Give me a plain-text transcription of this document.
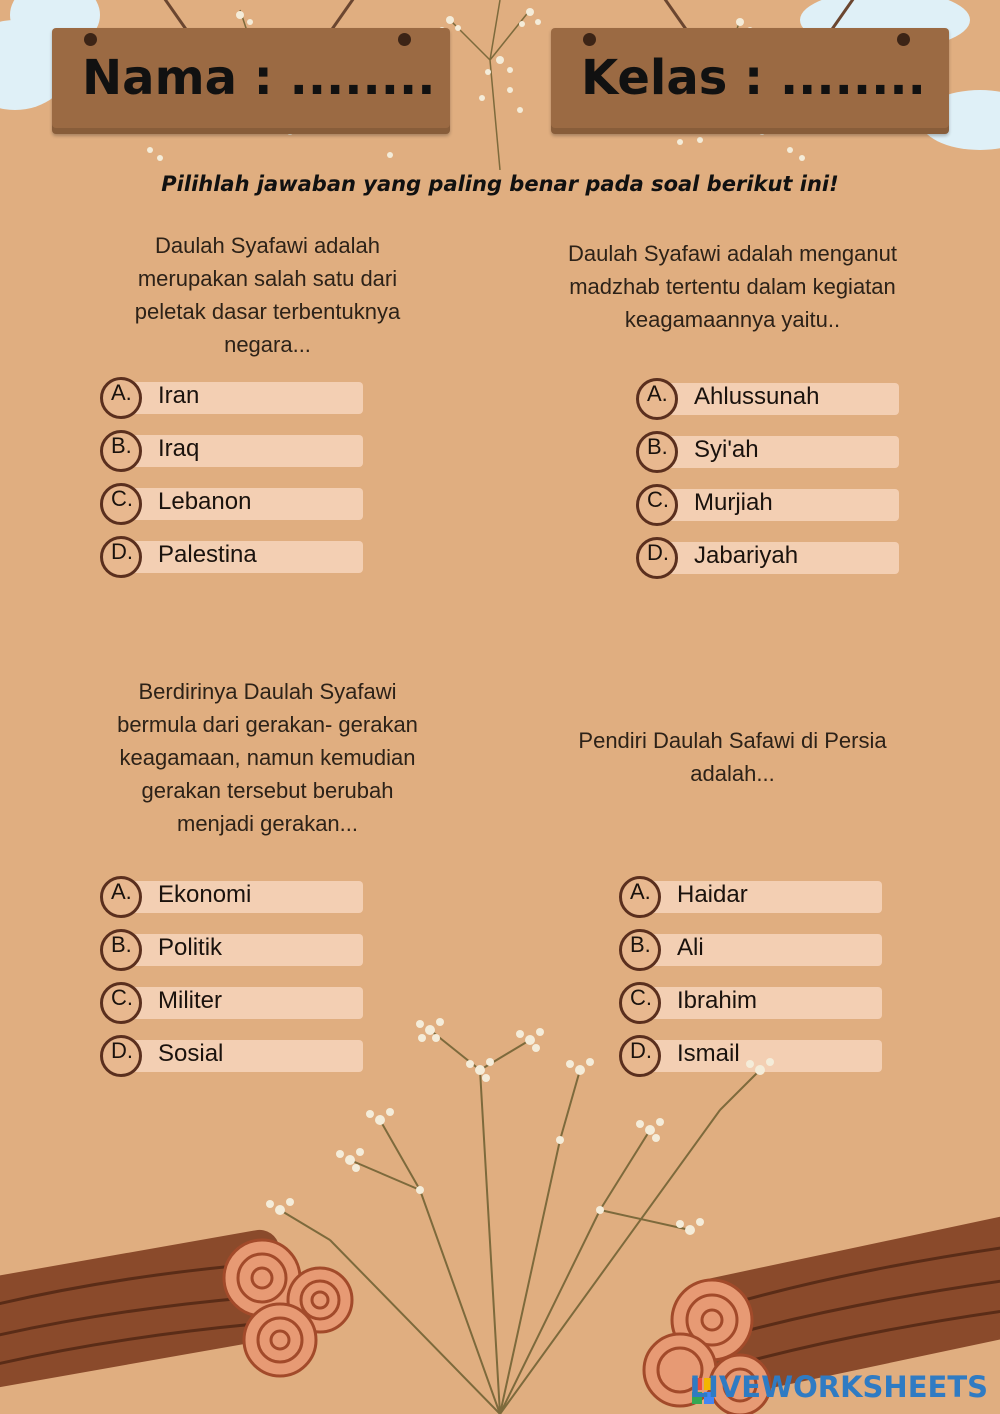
Nama : ........	Kelas : ........
Pilihlah jawaban yang paling benar pada soal berikut ini!
Daulah Syafawi adalah merupakan salah satu dari peletak dasar terbentuknya negara...
A. Iran
B. Iraq
C. Lebanon
D. Palestina
Daulah Syafawi adalah menganut madzhab tertentu dalam kegiatan keagamaannya yaitu..
A. Ahlussunah
B. Syi'ah
C. Murjiah
D. Jabariyah
Berdirinya Daulah Syafawi bermula dari gerakan- gerakan keagamaan, namun kemudian gerakan tersebut berubah menjadi gerakan...
A. Ekonomi
B. Politik
C. Militer
D. Sosial
Pendiri Daulah Safawi di Persia adalah...
A. Haidar
B. Ali
C. Ibrahim
D. Ismail
LIVEWORKSHEETS
